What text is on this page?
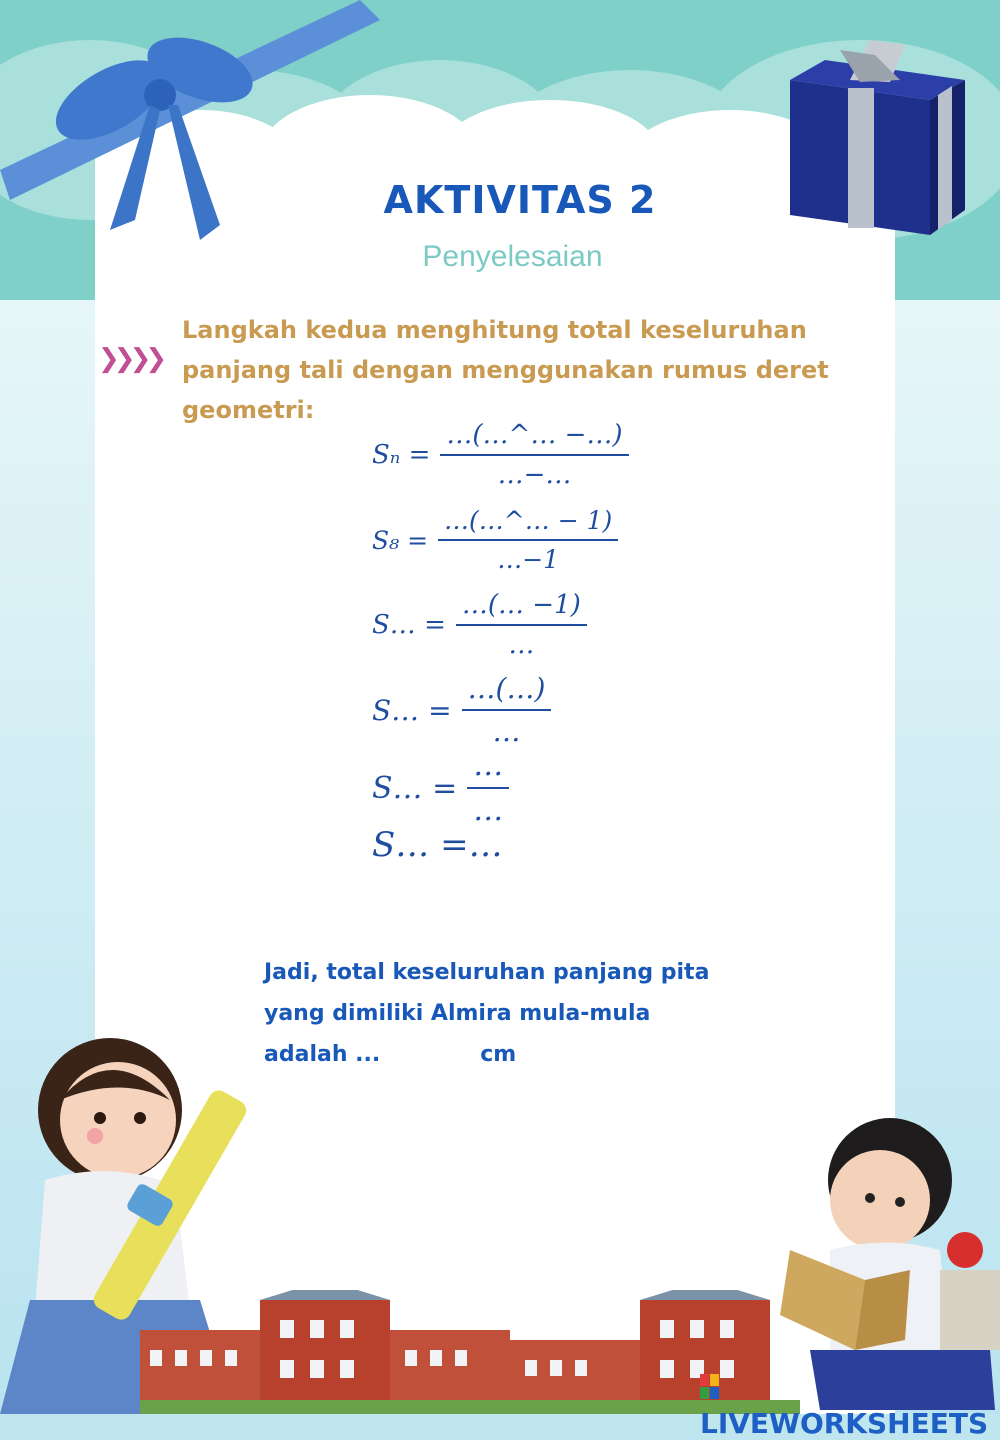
AKTIVITAS 2
Penyelesaian
❯❯❯❯
Langkah kedua menghitung total keseluruhan panjang tali dengan menggunakan rumus deret geometri:
$S_n = \frac{\dots(\dots\^{}\dots -\dots)}{\dots-\dots}$
$S_8 = \frac{\dots(\dots\^{}\dots - 1)}{\dots-1}$
S… = $\frac{\dots(\dots -1)}{\dots}$
S… = $\frac{\dots(\dots)}{\dots}$
S… = $\frac{\dots}{\dots}$
S… =…
Jadi, total keseluruhan panjang pita
yang dimiliki Almira mula-mula
adalah ...	cm
LIVEWORKSHEETS
